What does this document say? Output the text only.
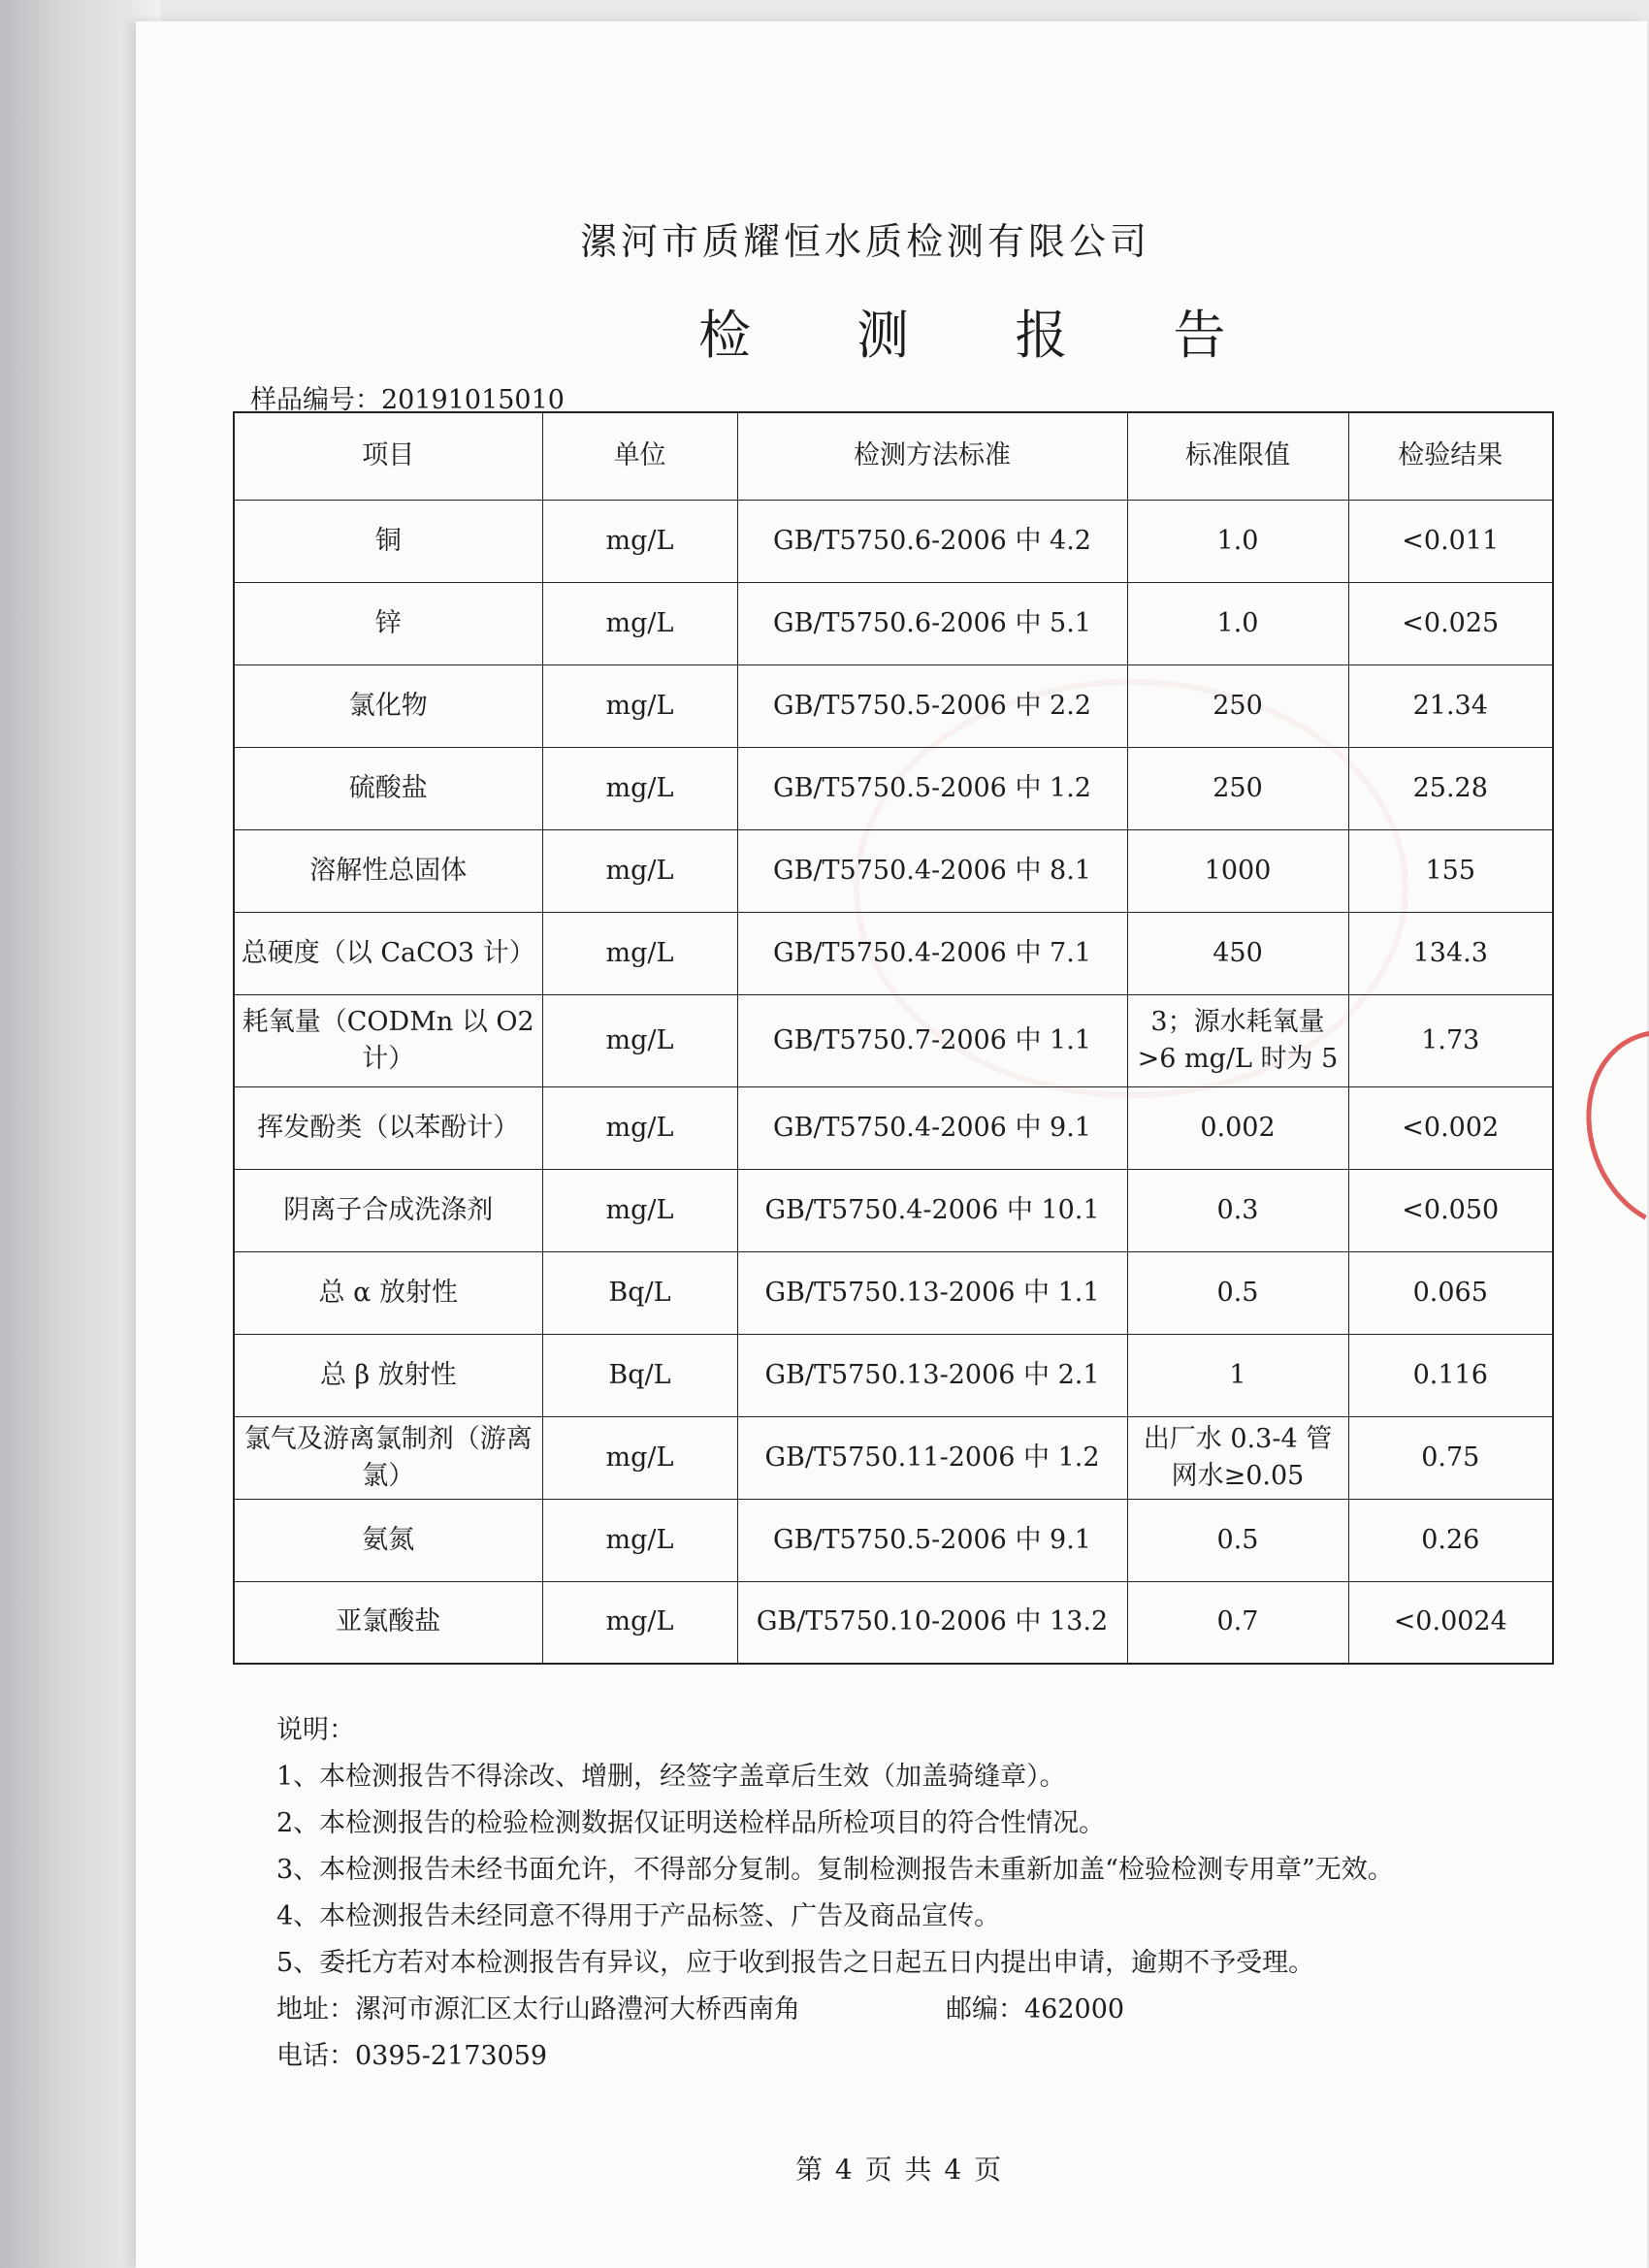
漯河市质耀恒水质检测有限公司
检 测 报 告
样品编号：20191015010
项目	单位	检测方法标准	标准限值	检验结果
铜	mg/L	GB/T5750.6-2006 中 4.2	1.0	<0.011
锌	mg/L	GB/T5750.6-2006 中 5.1	1.0	<0.025
氯化物	mg/L	GB/T5750.5-2006 中 2.2	250	21.34
硫酸盐	mg/L	GB/T5750.5-2006 中 1.2	250	25.28
溶解性总固体	mg/L	GB/T5750.4-2006 中 8.1	1000	155
总硬度（以 CaCO3 计）	mg/L	GB/T5750.4-2006 中 7.1	450	134.3
耗氧量（CODMn 以 O2 计）	mg/L	GB/T5750.7-2006 中 1.1	3；源水耗氧量 >6 mg/L 时为 5	1.73
挥发酚类（以苯酚计）	mg/L	GB/T5750.4-2006 中 9.1	0.002	<0.002
阴离子合成洗涤剂	mg/L	GB/T5750.4-2006 中 10.1	0.3	<0.050
总 α 放射性	Bq/L	GB/T5750.13-2006 中 1.1	0.5	0.065
总 β 放射性	Bq/L	GB/T5750.13-2006 中 2.1	1	0.116
氯气及游离氯制剂（游离氯）	mg/L	GB/T5750.11-2006 中 1.2	出厂水 0.3-4 管网水≥0.05	0.75
氨氮	mg/L	GB/T5750.5-2006 中 9.1	0.5	0.26
亚氯酸盐	mg/L	GB/T5750.10-2006 中 13.2	0.7	<0.0024
说明：
1、本检测报告不得涂改、增删，经签字盖章后生效（加盖骑缝章）。
2、本检测报告的检验检测数据仅证明送检样品所检项目的符合性情况。
3、本检测报告未经书面允许，不得部分复制。复制检测报告未重新加盖“检验检测专用章”无效。
4、本检测报告未经同意不得用于产品标签、广告及商品宣传。
5、委托方若对本检测报告有异议，应于收到报告之日起五日内提出申请，逾期不予受理。
地址：漯河市源汇区太行山路澧河大桥西南角	邮编：462000
电话：0395-2173059
第 4 页 共 4 页
